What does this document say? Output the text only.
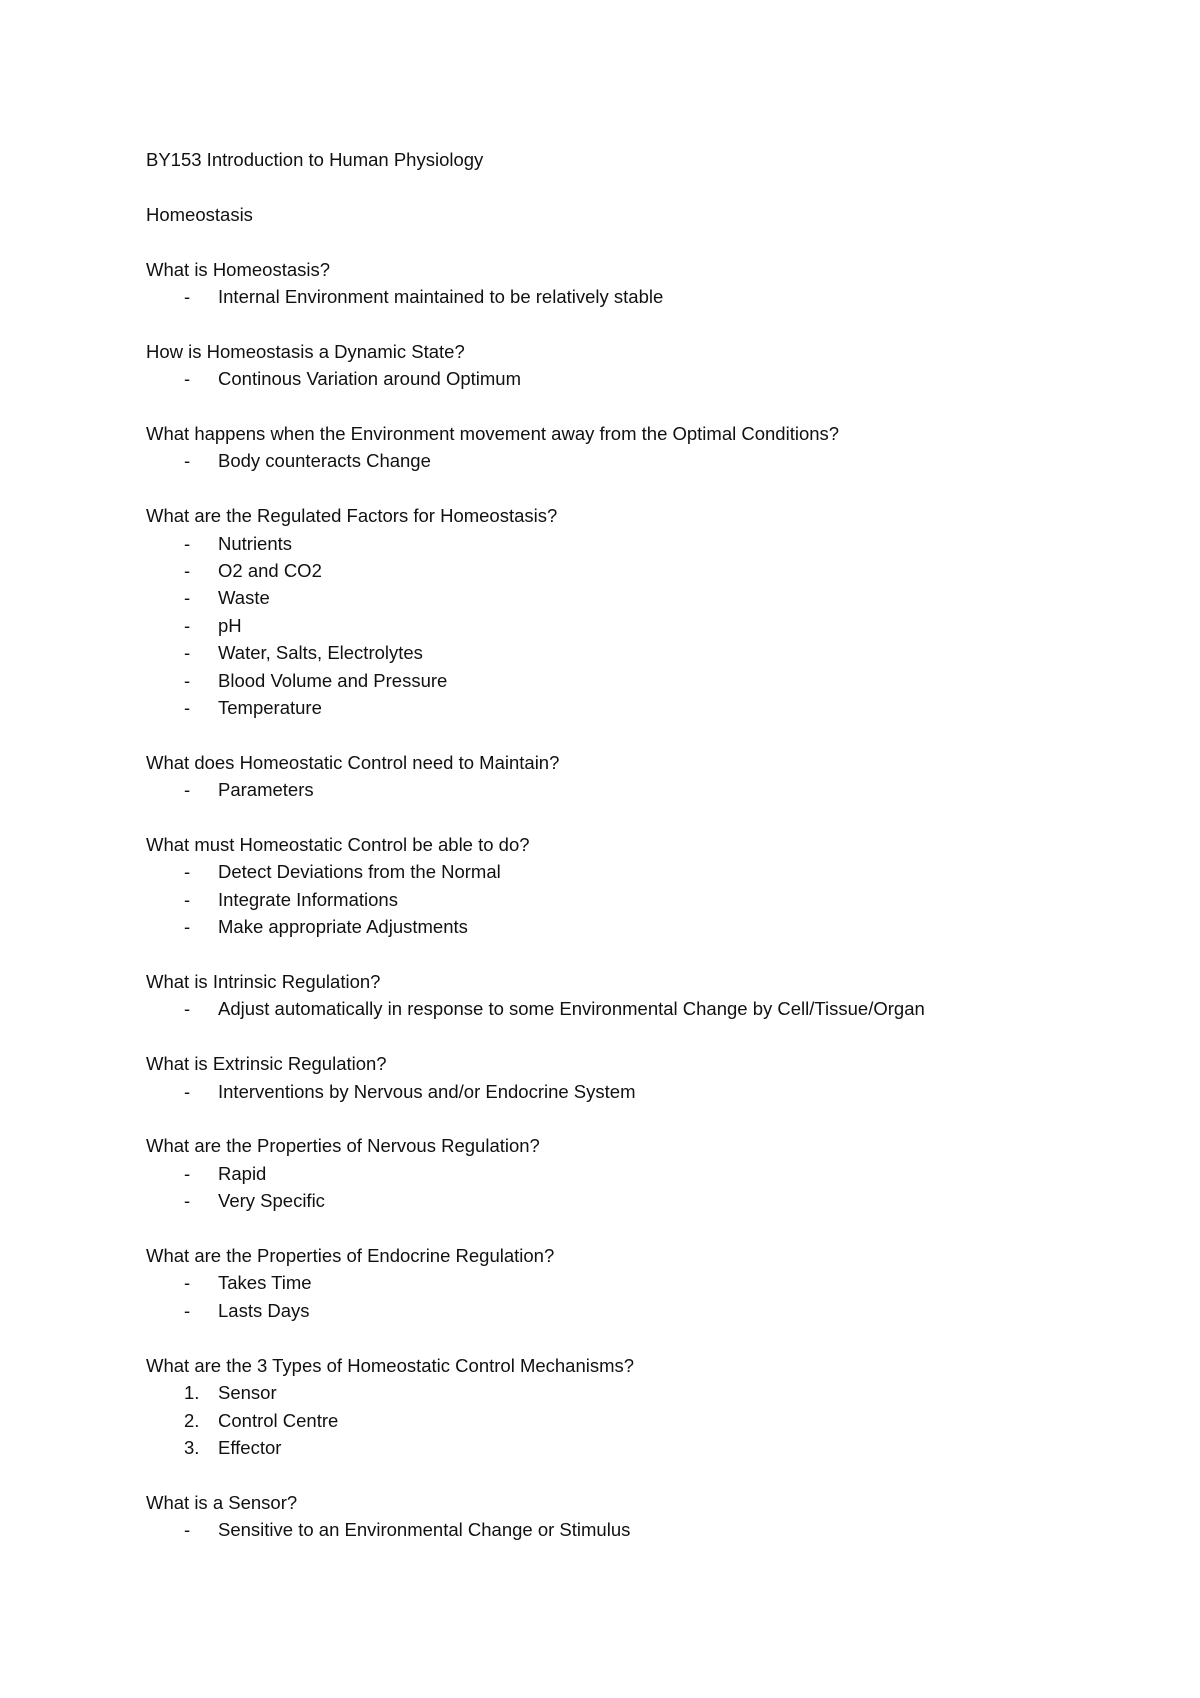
BY153 Introduction to Human Physiology
Homeostasis
What is Homeostasis?
-	Internal Environment maintained to be relatively stable
How is Homeostasis a Dynamic State?
-	Continous Variation around Optimum
What happens when the Environment movement away from the Optimal Conditions?
-	Body counteracts Change
What are the Regulated Factors for Homeostasis?
-	Nutrients
-	O2 and CO2
-	Waste
-	pH
-	Water, Salts, Electrolytes
-	Blood Volume and Pressure
-	Temperature
What does Homeostatic Control need to Maintain?
-	Parameters
What must Homeostatic Control be able to do?
-	Detect Deviations from the Normal
-	Integrate Informations
-	Make appropriate Adjustments
What is Intrinsic Regulation?
-	Adjust automatically in response to some Environmental Change by Cell/Tissue/Organ
What is Extrinsic Regulation?
-	Interventions by Nervous and/or Endocrine System
What are the Properties of Nervous Regulation?
-	Rapid
-	Very Specific
What are the Properties of Endocrine Regulation?
-	Takes Time
-	Lasts Days
What are the 3 Types of Homeostatic Control Mechanisms?
1.	Sensor
2.	Control Centre
3.	Effector
What is a Sensor?
-	Sensitive to an Environmental Change or Stimulus
